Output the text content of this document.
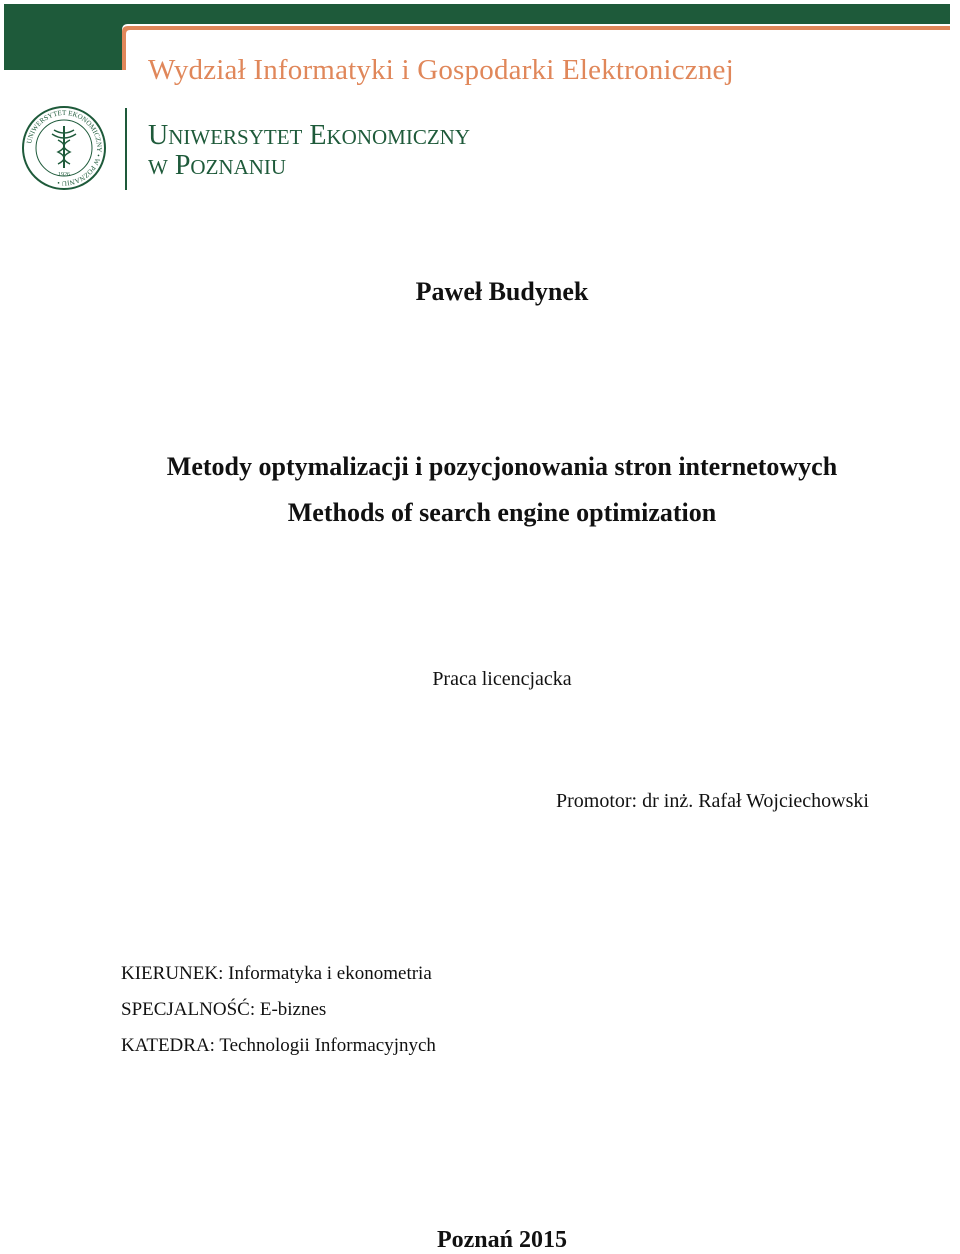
Wydział Informatyki i Gospodarki Elektronicznej
UNIWERSYTET EKONOMICZNY • W POZNANIU •
1926
UNIWERSYTET EKONOMICZNY
W POZNANIU
Paweł Budynek
Metody optymalizacji i pozycjonowania stron internetowych
Methods of search engine optimization
Praca licencjacka
Promotor: dr inż. Rafał Wojciechowski
KIERUNEK: Informatyka i ekonometria
SPECJALNOŚĆ: E-biznes
KATEDRA: Technologii Informacyjnych
Poznań 2015
